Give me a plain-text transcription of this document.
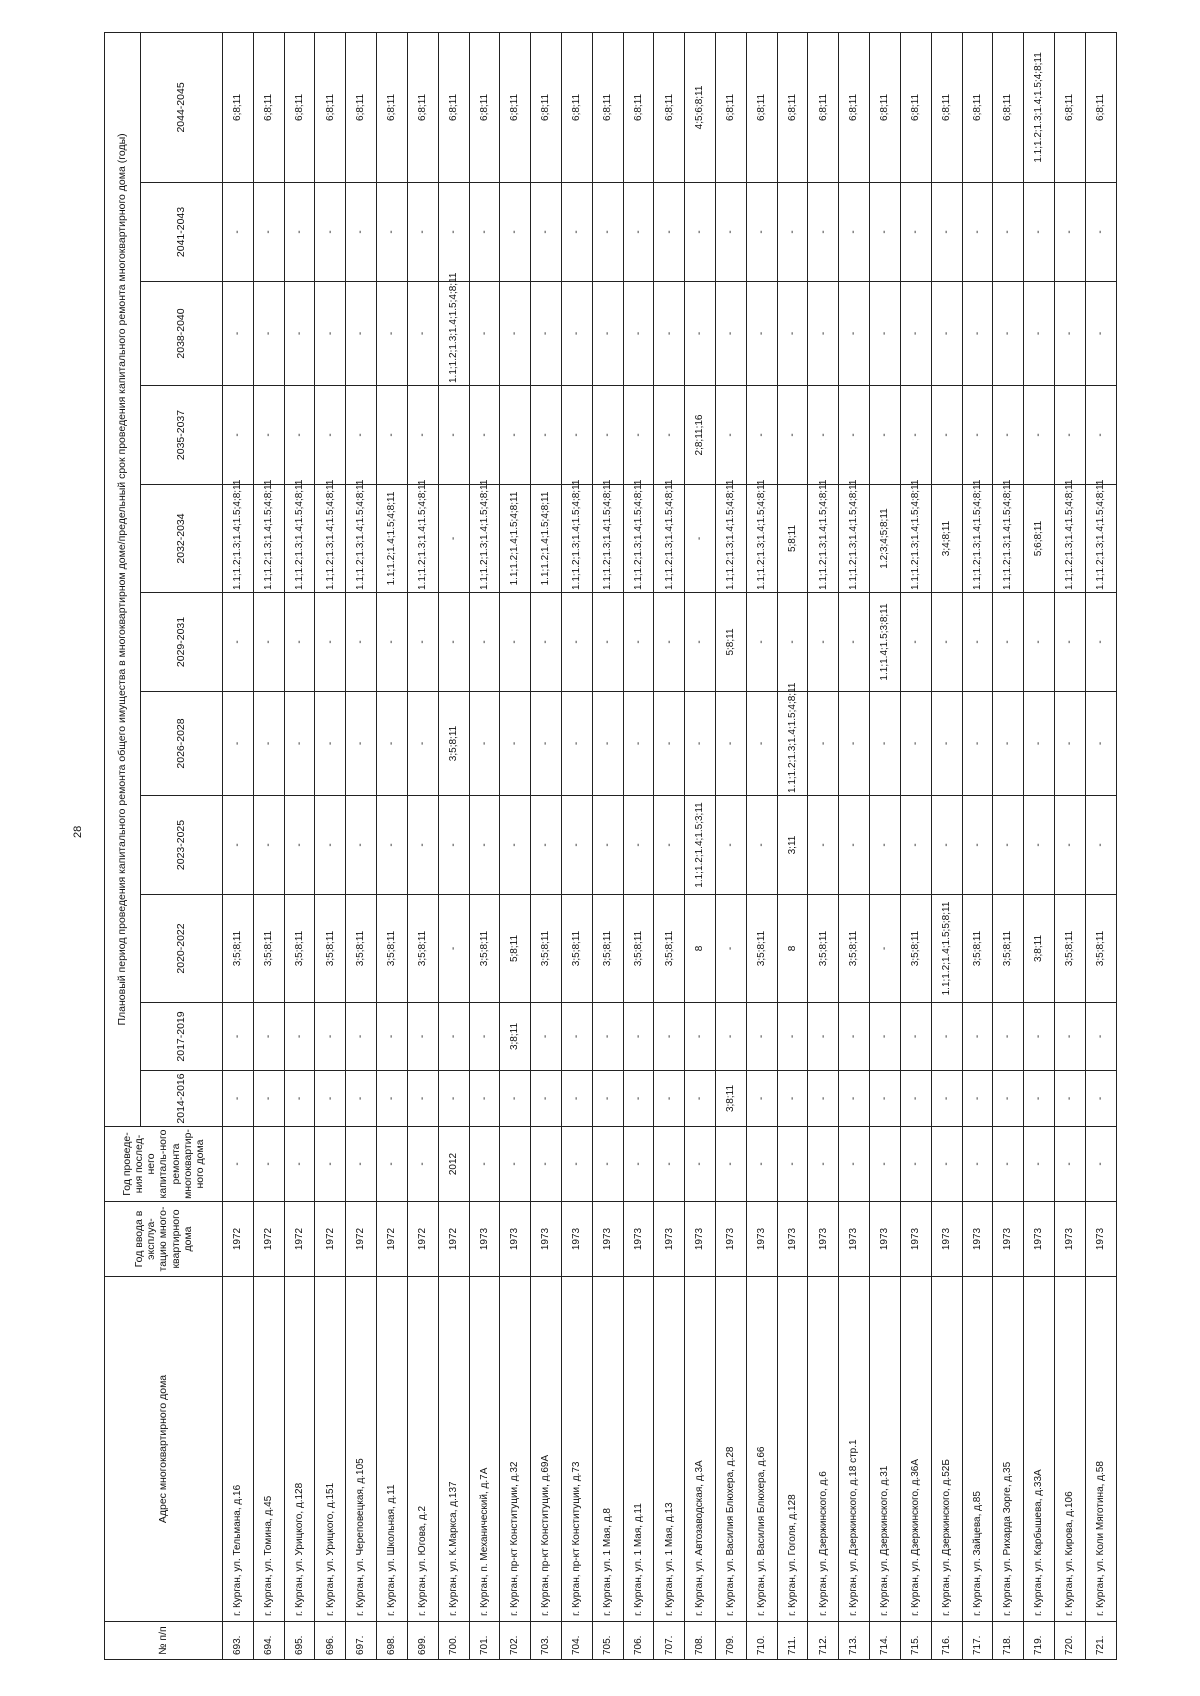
28
№ п/п	Адрес многоквартирного дома	Год ввода в эксплуа-тацию много-квартирного дома	Год проведе-ния послед-него капиталь-ного ремонта многоквартир-ного дома	Плановый период проведения капитального ремонта общего имущества в многоквартирном доме/предельный срок проведения капитального ремонта многоквартирного дома (годы)										
				2014-2016	2017-2019	2020-2022	2023-2025	2026-2028	2029-2031	2032-2034	2035-2037	2038-2040	2041-2043	2044-2045
693.	г. Курган, ул. Тельмана, д.16	1972	-	-	-	3;5;8;11	-	-	-	1.1;1.2;1.3;1.4;1.5;4;8;11	-	-	-	6;8;11
694.	г. Курган, ул. Томина, д.45	1972	-	-	-	3;5;8;11	-	-	-	1.1;1.2;1.3;1.4;1.5;4;8;11	-	-	-	6;8;11
695.	г. Курган, ул. Урицкого, д.128	1972	-	-	-	3;5;8;11	-	-	-	1.1;1.2;1.3;1.4;1.5;4;8;11	-	-	-	6;8;11
696.	г. Курган, ул. Урицкого, д.151	1972	-	-	-	3;5;8;11	-	-	-	1.1;1.2;1.3;1.4;1.5;4;8;11	-	-	-	6;8;11
697.	г. Курган, ул. Череповецкая, д.105	1972	-	-	-	3;5;8;11	-	-	-	1.1;1.2;1.3;1.4;1.5;4;8;11	-	-	-	6;8;11
698.	г. Курган, ул. Школьная, д.11	1972	-	-	-	3;5;8;11	-	-	-	1.1;1.2;1.4;1.5;4;8;11	-	-	-	6;8;11
699.	г. Курган, ул. Югова, д.2	1972	-	-	-	3;5;8;11	-	-	-	1.1;1.2;1.3;1.4;1.5;4;8;11	-	-	-	6;8;11
700.	г. Курган, ул. К.Маркса, д.137	1972	2012	-	-	-	-	3;5;8;11	-	-	-	1.1;1.2;1.3;1.4;1.5;4;8;11	-	6;8;11
701.	г. Курган, п. Механический, д.7А	1973	-	-	-	3;5;8;11	-	-	-	1.1;1.2;1.3;1.4;1.5;4;8;11	-	-	-	6;8;11
702.	г. Курган, пр-кт Конституции, д.32	1973	-	-	3;8;11	5;8;11	-	-	-	1.1;1.2;1.4;1.5;4;8;11	-	-	-	6;8;11
703.	г. Курган, пр-кт Конституции, д.69А	1973	-	-	-	3;5;8;11	-	-	-	1.1;1.2;1.4;1.5;4;8;11	-	-	-	6;8;11
704.	г. Курган, пр-кт Конституции, д.73	1973	-	-	-	3;5;8;11	-	-	-	1.1;1.2;1.3;1.4;1.5;4;8;11	-	-	-	6;8;11
705.	г. Курган, ул. 1 Мая, д.8	1973	-	-	-	3;5;8;11	-	-	-	1.1;1.2;1.3;1.4;1.5;4;8;11	-	-	-	6;8;11
706.	г. Курган, ул. 1 Мая, д.11	1973	-	-	-	3;5;8;11	-	-	-	1.1;1.2;1.3;1.4;1.5;4;8;11	-	-	-	6;8;11
707.	г. Курган, ул. 1 Мая, д.13	1973	-	-	-	3;5;8;11	-	-	-	1.1;1.2;1.3;1.4;1.5;4;8;11	-	-	-	6;8;11
708.	г. Курган, ул. Автозаводская, д.3А	1973	-	-	-	8	1.1;1.2;1.4;1.5;3;11	-	-	-	2;8;11;16	-	-	4;5;6;8;11
709.	г. Курган, ул. Василия Блюхера, д.28	1973	-	3;8;11	-	-	-	-	5;8;11	1.1;1.2;1.3;1.4;1.5;4;8;11	-	-	-	6;8;11
710.	г. Курган, ул. Василия Блюхера, д.66	1973	-	-	-	3;5;8;11	-	-	-	1.1;1.2;1.3;1.4;1.5;4;8;11	-	-	-	6;8;11
711.	г. Курган, ул. Гоголя, д.128	1973	-	-	-	8	3;11	1.1;1.2;1.3;1.4;1.5;4;8;11	-	5;8;11	-	-	-	6;8;11
712.	г. Курган, ул. Дзержинского, д.6	1973	-	-	-	3;5;8;11	-	-	-	1.1;1.2;1.3;1.4;1.5;4;8;11	-	-	-	6;8;11
713.	г. Курган, ул. Дзержинского, д.18 стр.1	1973	-	-	-	3;5;8;11	-	-	-	1.1;1.2;1.3;1.4;1.5;4;8;11	-	-	-	6;8;11
714.	г. Курган, ул. Дзержинского, д.31	1973	-	-	-	-	-	-	1.1;1.4;1.5;3;8;11	1.2;3;4;5;8;11	-	-	-	6;8;11
715.	г. Курган, ул. Дзержинского, д.36А	1973	-	-	-	3;5;8;11	-	-	-	1.1;1.2;1.3;1.4;1.5;4;8;11	-	-	-	6;8;11
716.	г. Курган, ул. Дзержинского, д.52Б	1973	-	-	-	1.1;1.2;1.4;1.5;5;8;11	-	-	-	3;4;8;11	-	-	-	6;8;11
717.	г. Курган, ул. Зайцева, д.85	1973	-	-	-	3;5;8;11	-	-	-	1.1;1.2;1.3;1.4;1.5;4;8;11	-	-	-	6;8;11
718.	г. Курган, ул. Рихарда Зорге, д.35	1973	-	-	-	3;5;8;11	-	-	-	1.1;1.2;1.3;1.4;1.5;4;8;11	-	-	-	6;8;11
719.	г. Курган, ул. Карбышева, д.33А	1973	-	-	-	3;8;11	-	-	-	5;6;8;11	-	-	-	1.1;1.2;1.3;1.4;1.5;4;8;11
720.	г. Курган, ул. Кирова, д.106	1973	-	-	-	3;5;8;11	-	-	-	1.1;1.2;1.3;1.4;1.5;4;8;11	-	-	-	6;8;11
721.	г. Курган, ул. Коли Мяготина, д.58	1973	-	-	-	3;5;8;11	-	-	-	1.1;1.2;1.3;1.4;1.5;4;8;11	-	-	-	6;8;11
